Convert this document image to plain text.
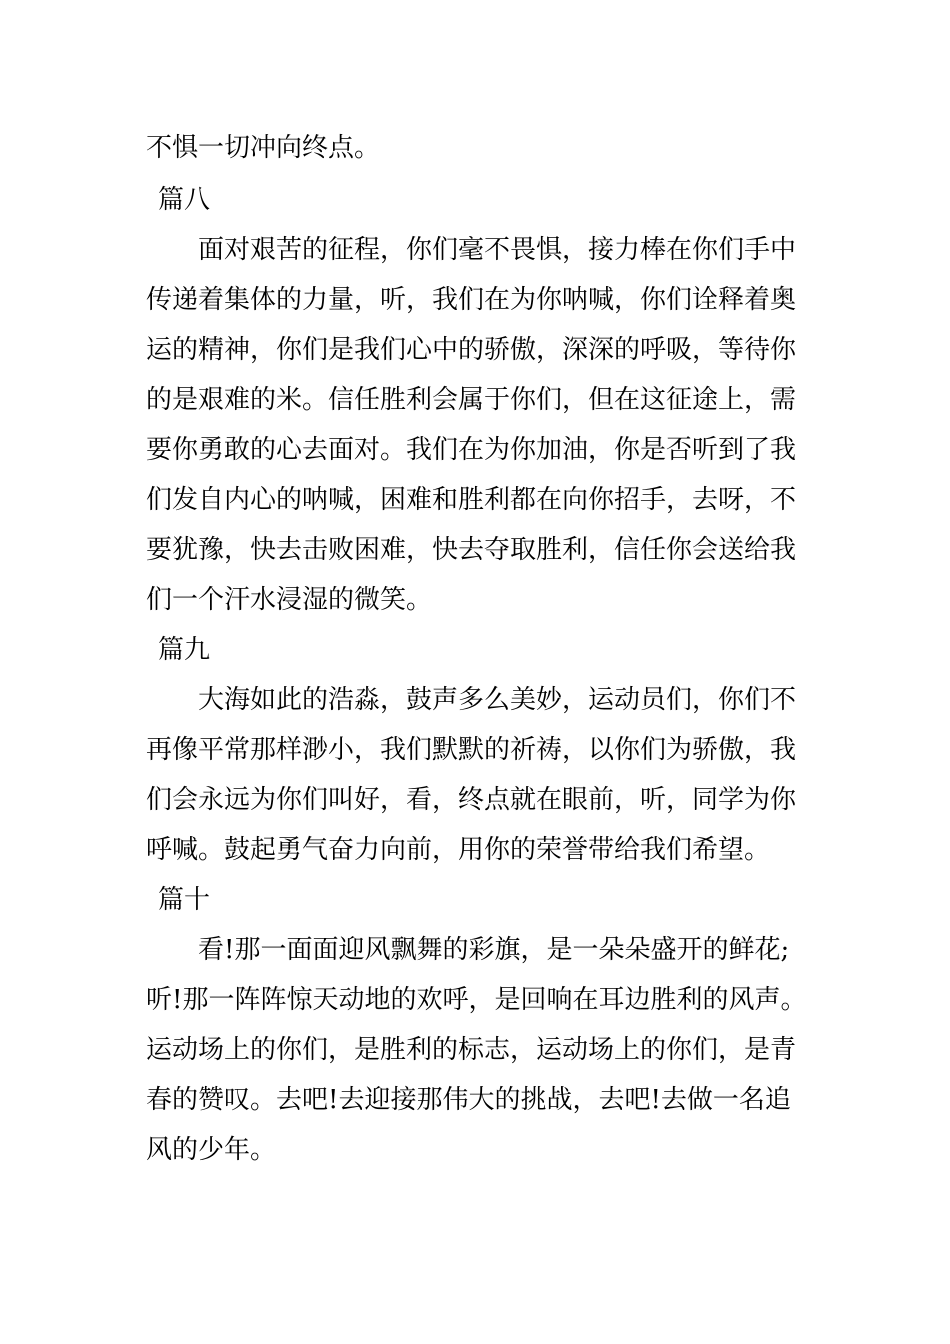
不惧一切冲向终点。
篇八
面对艰苦的征程，你们毫不畏惧，接力棒在你们手中
传递着集体的力量，听，我们在为你呐喊，你们诠释着奥
运的精神，你们是我们心中的骄傲，深深的呼吸，等待你
的是艰难的米。信任胜利会属于你们，但在这征途上，需
要你勇敢的心去面对。我们在为你加油，你是否听到了我
们发自内心的呐喊，困难和胜利都在向你招手，去呀，不
要犹豫，快去击败困难，快去夺取胜利，信任你会送给我
们一个汗水浸湿的微笑。
篇九
大海如此的浩淼，鼓声多么美妙，运动员们，你们不
再像平常那样渺小，我们默默的祈祷，以你们为骄傲，我
们会永远为你们叫好，看，终点就在眼前，听，同学为你
呼喊。鼓起勇气奋力向前，用你的荣誉带给我们希望。
篇十
看!那一面面迎风飘舞的彩旗，是一朵朵盛开的鲜花;
听!那一阵阵惊天动地的欢呼，是回响在耳边胜利的风声。
运动场上的你们，是胜利的标志，运动场上的你们，是青
春的赞叹。去吧!去迎接那伟大的挑战，去吧!去做一名追
风的少年。
